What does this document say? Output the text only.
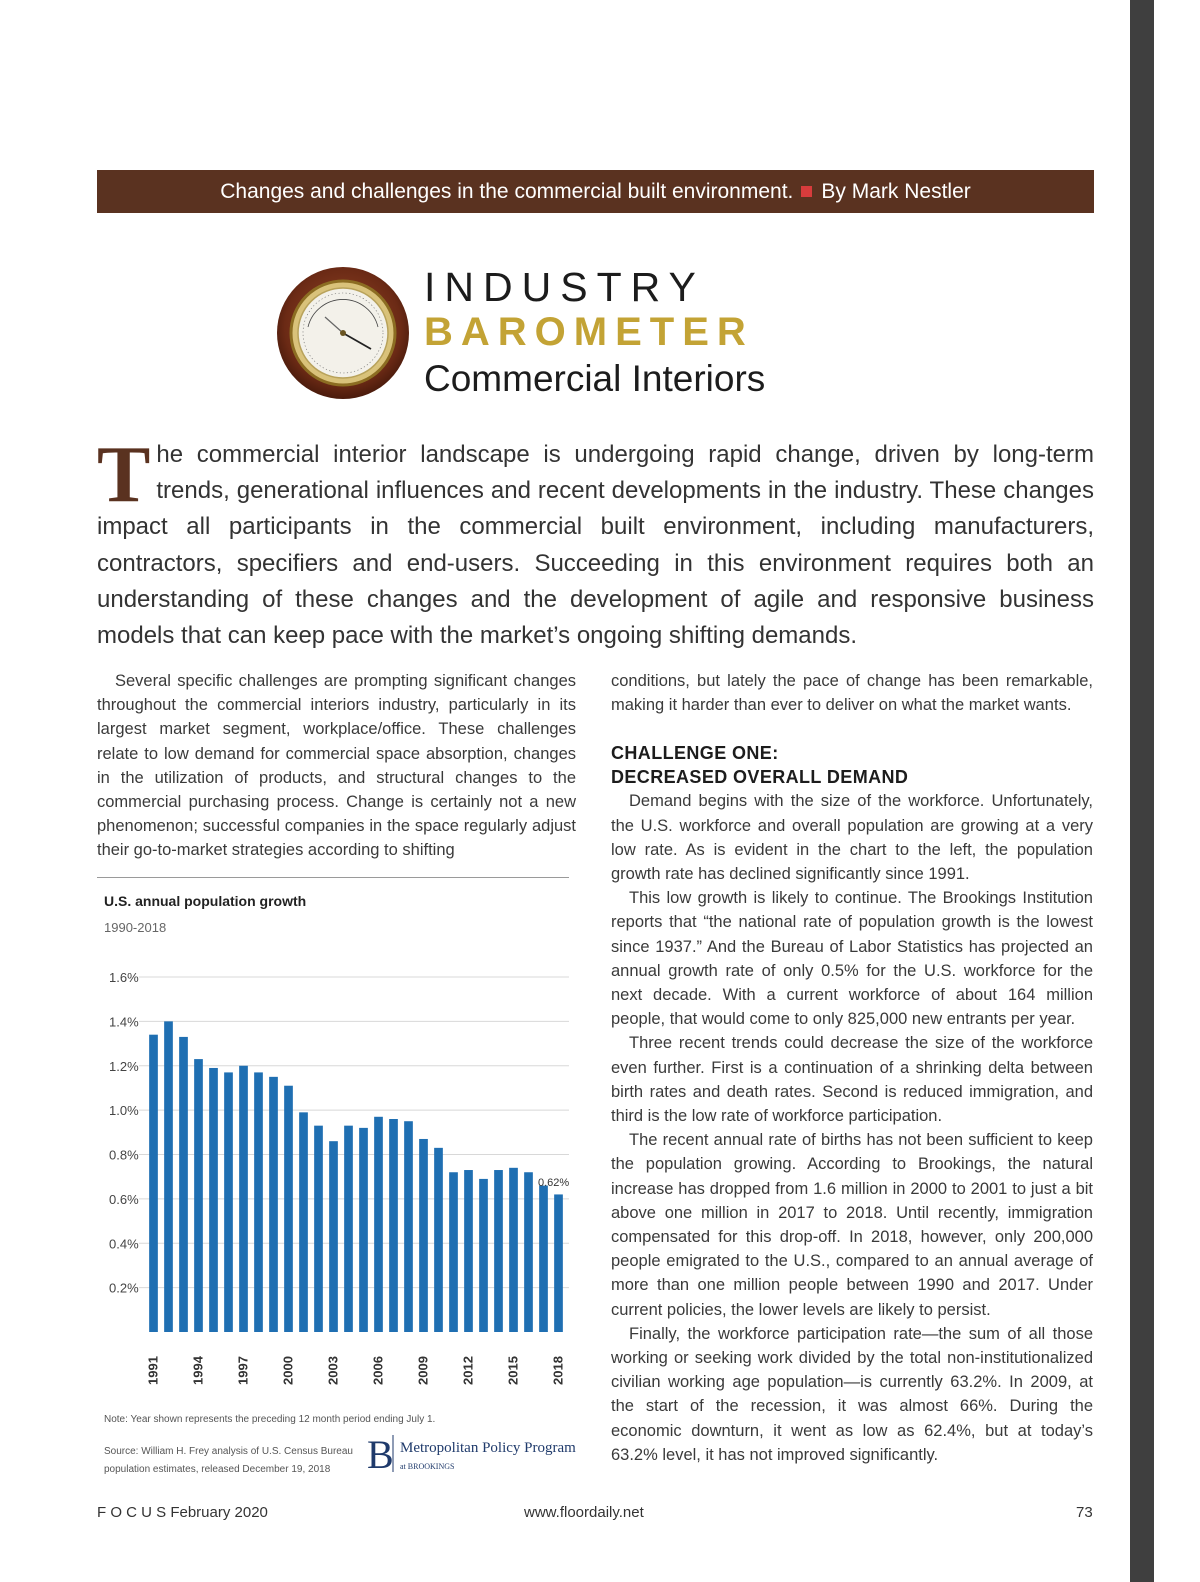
Changes and challenges in the commercial built environment. By Mark Nestler
INDUSTRY
BAROMETER
Commercial Interiors
The commercial interior landscape is undergoing rapid change, driven by long-term trends, generational influences and recent developments in the industry. These changes impact all participants in the commercial built environment, including manufacturers, contractors, specifiers and end-users. Succeeding in this environment requires both an understanding of these changes and the development of agile and responsive business models that can keep pace with the market’s ongoing shifting demands.

Several specific challenges are prompting significant changes throughout the commercial interiors industry, particularly in its largest market segment, workplace/office. These challenges relate to low demand for commercial space absorption, changes in the utilization of products, and structural changes to the commercial purchasing process. Change is certainly not a new phenomenon; successful companies in the space regularly adjust their go-to-market strategies according to shifting

U.S. annual population growth
1990-2018
0.2%
0.4%
0.6%
0.8%
1.0%
1.2%
1.4%
1.6%
1991 1994 1997 2000 2003 2006 2009 2012 2015 2018
0.62%
Note: Year shown represents the preceding 12 month period ending July 1.
Source: William H. Frey analysis of U.S. Census Bureau
population estimates, released December 19, 2018 B Metropolitan Policy Program
at BROOKINGS

conditions, but lately the pace of change has been remarkable, making it harder than ever to deliver on what the market wants.

CHALLENGE ONE:

DECREASED OVERALL DEMAND

Demand begins with the size of the workforce. Unfortunately, the U.S. workforce and overall population are growing at a very low rate. As is evident in the chart to the left, the population growth rate has declined significantly since 1991.

This low growth is likely to continue. The Brookings Institution reports that “the national rate of population growth is the lowest since 1937.” And the Bureau of Labor Statistics has projected an annual growth rate of only 0.5% for the U.S. workforce for the next decade. With a current workforce of about 164 million people, that would come to only 825,000 new entrants per year.

Three recent trends could decrease the size of the workforce even further. First is a continuation of a shrinking delta between birth rates and death rates. Second is reduced immigration, and third is the low rate of workforce participation.

The recent annual rate of births has not been sufficient to keep the population growing. According to Brookings, the natural increase has dropped from 1.6 million in 2000 to 2001 to just a bit above one million in 2017 to 2018. Until recently, immigration compensated for this drop-off. In 2018, however, only 200,000 people emigrated to the U.S., compared to an annual average of more than one million people between 1990 and 2017. Under current policies, the lower levels are likely to persist.

Finally, the workforce participation rate—the sum of all those working or seeking work divided by the total non-institutionalized civilian working age population—is currently 63.2%. In 2009, at the start of the recession, it was almost 66%. During the economic downturn, it went as low as 62.4%, but at today’s 63.2% level, it has not improved significantly.

F O C U S February 2020	www.floordaily.net	73
